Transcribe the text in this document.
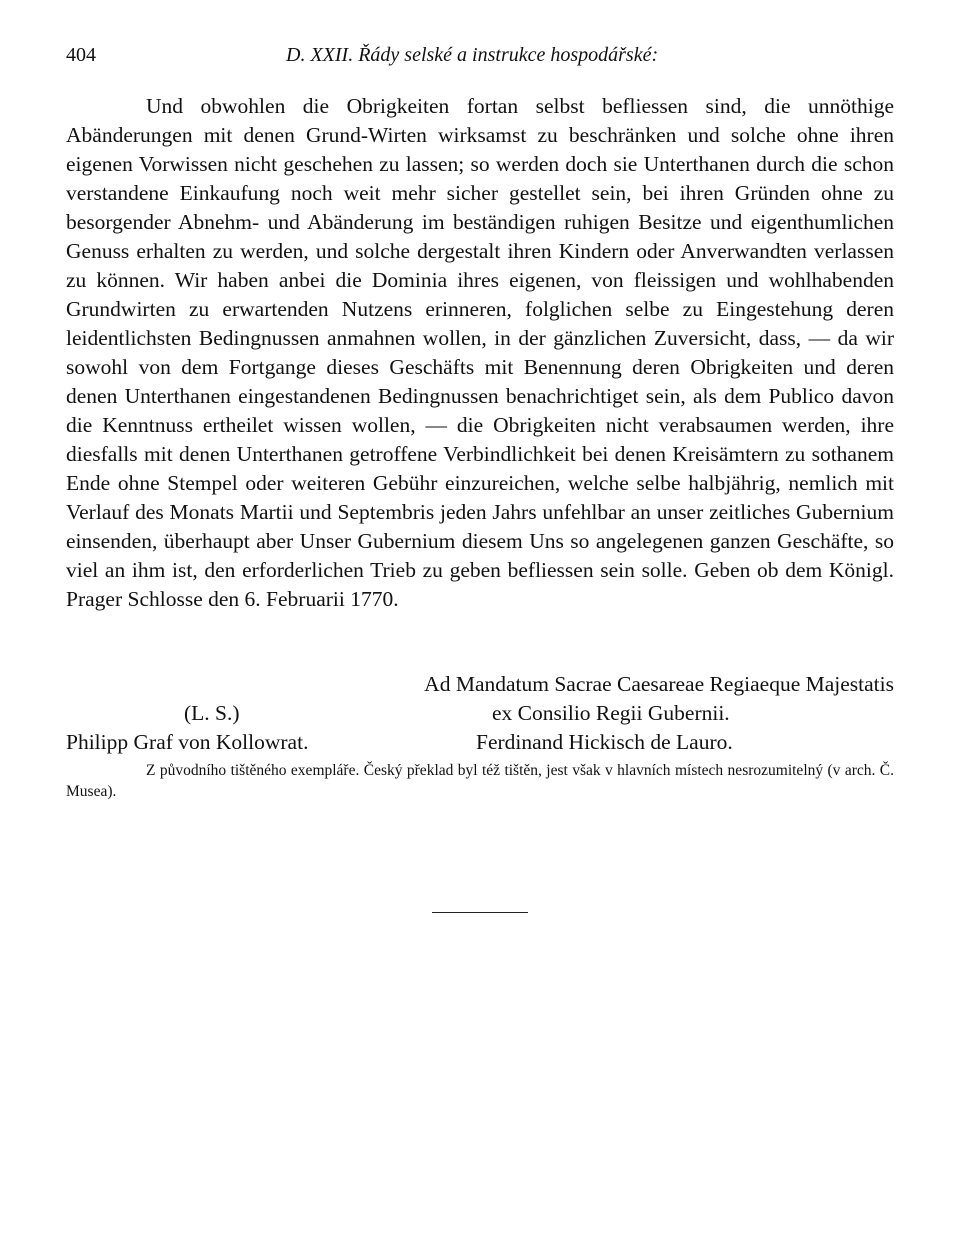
404	D. XXII. Řády selské a instrukce hospodářské:

Und obwohlen die Obrigkeiten fortan selbst befliessen sind, die unnöthige Abänderungen mit denen Grund-Wirten wirksamst zu beschränken und solche ohne ihren eigenen Vorwissen nicht geschehen zu lassen; so werden doch sie Unterthanen durch die schon verstandene Einkaufung noch weit mehr sicher gestellet sein, bei ihren Gründen ohne zu besorgender Abnehm- und Abänderung im beständigen ruhigen Besitze und eigenthumlichen Genuss erhalten zu werden, und solche dergestalt ihren Kindern oder Anverwandten verlassen zu können. Wir haben anbei die Dominia ihres eigenen, von fleissigen und wohlhabenden Grundwirten zu erwartenden Nutzens erinneren, folglichen selbe zu Eingestehung deren leidentlichsten Bedingnussen anmahnen wollen, in der gänzlichen Zuversicht, dass, — da wir sowohl von dem Fortgange dieses Geschäfts mit Benennung deren Obrigkeiten und deren denen Unterthanen eingestandenen Bedingnussen benachrichtiget sein, als dem Publico davon die Kenntnuss ertheilet wissen wollen, — die Obrigkeiten nicht verabsaumen werden, ihre diesfalls mit denen Unterthanen getroffene Verbindlichkeit bei denen Kreisämtern zu sothanem Ende ohne Stempel oder weiteren Gebühr einzureichen, welche selbe halbjährig, nemlich mit Verlauf des Monats Martii und Septembris jeden Jahrs unfehlbar an unser zeitliches Gubernium einsenden, überhaupt aber Unser Gubernium diesem Uns so angelegenen ganzen Geschäfte, so viel an ihm ist, den erforderlichen Trieb zu geben befliessen sein solle. Geben ob dem Königl. Prager Schlosse den 6. Februarii 1770.

Ad Mandatum Sacrae Caesareae Regiaeque Majestatis
(L. S.)	ex Consilio Regii Gubernii.
Philipp Graf von Kollowrat.	Ferdinand Hickisch de Lauro.

Z původního tištěného exempláře. Český překlad byl též tištěn, jest však v hlavních místech nesrozumitelný (v arch. Č. Musea).
